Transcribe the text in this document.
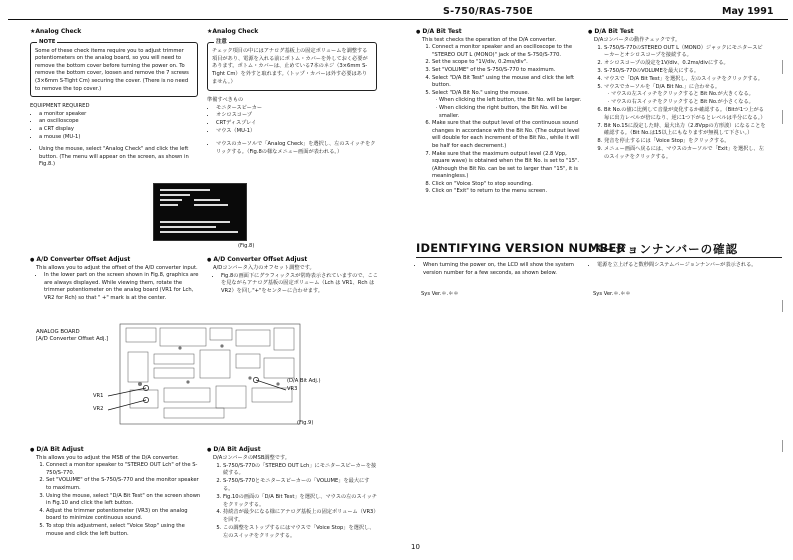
S-750/RAS-750E	May 1991
★Analog Check
NOTE
Some of these check items require you to adjust trimmer potentiometers on the analog board, so you will need to remove the bottom cover before turning the power on. To remove the bottom cover, loosen and remove the 7 screws (3×6mm S-Tight Cm) securing the cover. (There is no need to remove the top cover.)
EQUIPMENT REQUIRED
• a monitor speaker
• an oscilloscope
• a CRT display
• a mouse (MU-1)
• Using the mouse, select "Analog Check" and click the left button. (The menu will appear on the screen, as shown in Fig.8.)
★Analog Check
注意
チェック項目の中にはアナログ基板上の固定ボリュームを調整する項目があり、電源を入れる前にボトム・カバーを外しておく必要があります。ボトム・カバーは、止めている7本のネジ（3×6mm S-Tight Cm）を外すと取れます。（トップ・カバーは外す必要はありません。）
準備すべきもの
• モニタースピーカー
• オシロスコープ
• CRTディスプレイ
• マウス（MU-1）
• マウスのカーソルで「Analog Check」を選択し、左のスイッチをクリックする。（Fig.8の様なメニュー画面が表われる。）
(Fig.8)
● A/D Converter Offset Adjust
This allows you to adjust the offset of the A/D converter input.
• In the lower part on the screen shown in Fig.8, graphics are are always displayed. While viewing them, rotate the trimmer potentiometer on the analog board (VR1 for Lch, VR2 for Rch) so that " +" mark is at the center.
● A/D Converter Offset Adjust
A/Dコンバータ入力のオフセット調整です。
• Fig.8の画面下にグラフィックスが常時表示されていますので、ここを見ながらアナログ基板の固定ボリューム（Lch は VR1、Rch は VR2）を回し"+"をセンターに合わせます。
ANALOG BOARD
[A/D Converter Offset Adj.]
VR1
VR2
(D/A Bit Adj.)
VR3
(Fig.9)
● D/A Bit Adjust
This allows you to adjust the MSB of the D/A converter.
1. Connect a monitor speaker to "STEREO OUT Lch" of the S-750/S-770.
2. Set "VOLUME" of the S-750/S-770 and the monitor speaker to maximum.
3. Using the mouse, select "D/A Bit Test" on the screen shown in Fig.10 and click the left button.
4. Adjust the trimmer potentiometer (VR3) on the analog board to minimize continuous sound.
5. To stop this adjustment, select "Voice Stop" using the mouse and click the left button.
● D/A Bit Adjust
D/AコンバータのMSB調整です。
1. S-750/S-770の「STEREO OUT Lch」にモニタースピーカーを接続する。
2. S-750/S-770とモニタースピーカーの「VOLUME」を最大にする。
3. Fig.10の画面の「D/A Bit Test」を選択し、マウスの左のスイッチをクリックする。
4. 持続音が最少になる様にアナログ基板上の固定ボリューム（VR3）を回す。
5. この調整をストップするにはマウスで「Voice Stop」を選択し、左のスイッチをクリックする。
10
● D/A Bit Test
This test checks the operation of the D/A converter.
1. Connect a monitor speaker and an oscilloscope to the "STEREO OUT L (MONO)" jack of the S-750/S-770.
2. Set the scope to "1V/div, 0.2ms/div".
3. Set "VOLUME" of the S-750/S-770 to maximum.
4. Select "D/A Bit Test" using the mouse and click the left button.
5. Select "D/A Bit No." using the mouse.
· When clicking the left button, the Bit No. will be larger.
· When clicking the right button, the Bit No. will be smaller.
6. Make sure that the output level of the continuous sound changes in accordance with the Bit No. (The output level will double for each increment of the Bit No., while it will be half for each decrement.)
7. Make sure that the maximum output level (2.8 Vpp, square wave) is obtained when the Bit No. is set to "15". (Although the Bit No. can be set to larger than "15", it is meaningless.)
8. Click on "Voice Stop" to stop sounding.
9. Click on "Exit" to return to the menu screen.
● D/A Bit Test
D/Aコンバータの動作チェックです。
1. S-750/S-770のSTEREO OUT L（MONO）ジャックにモニタースピーカーとオシロスコープを接続する。
2. オシロスコープの設定を1V/div、0.2ms/divにする。
3. S-750/S-770のVOLUMEを最大にする。
4. マウスで「D/A Bit Test」を選択し、左のスイッチをクリックする。
5. マウスでカーソルを「D/A Bit No.」に合わせる。
· マウスの左スイッチをクリックすると Bit No.が大きくなる。
· マウスの右スイッチをクリックすると Bit No.が小さくなる。
6. Bit No.の値に比例して音量が変化するか確認する。（Bitが1つ上がる毎に出力レベルが倍になり、逆に1つ下がるとレベルは半分になる。）
7. Bit No.15に設定した時、最大出力（2.8Vppの方形波）になることを確認する。（Bit No.は15以上にもなりますが無視して下さい。）
8. 発音を停止するには「Voice Stop」をクリックする。
9. メニュー画面へ戻るには、マウスのカーソルで「Exit」を選択し、左のスイッチをクリックする。
IDENTIFYING VERSION NUMBER
バージョンナンバーの確認
• When turning the power on, the LCD will show the system version number for a few seconds, as shown below.
• 電源を立上げると数秒間システムバージョンナンバーが表示される。
Sys Ver.＊.＊＊	Sys Ver.＊.＊＊
